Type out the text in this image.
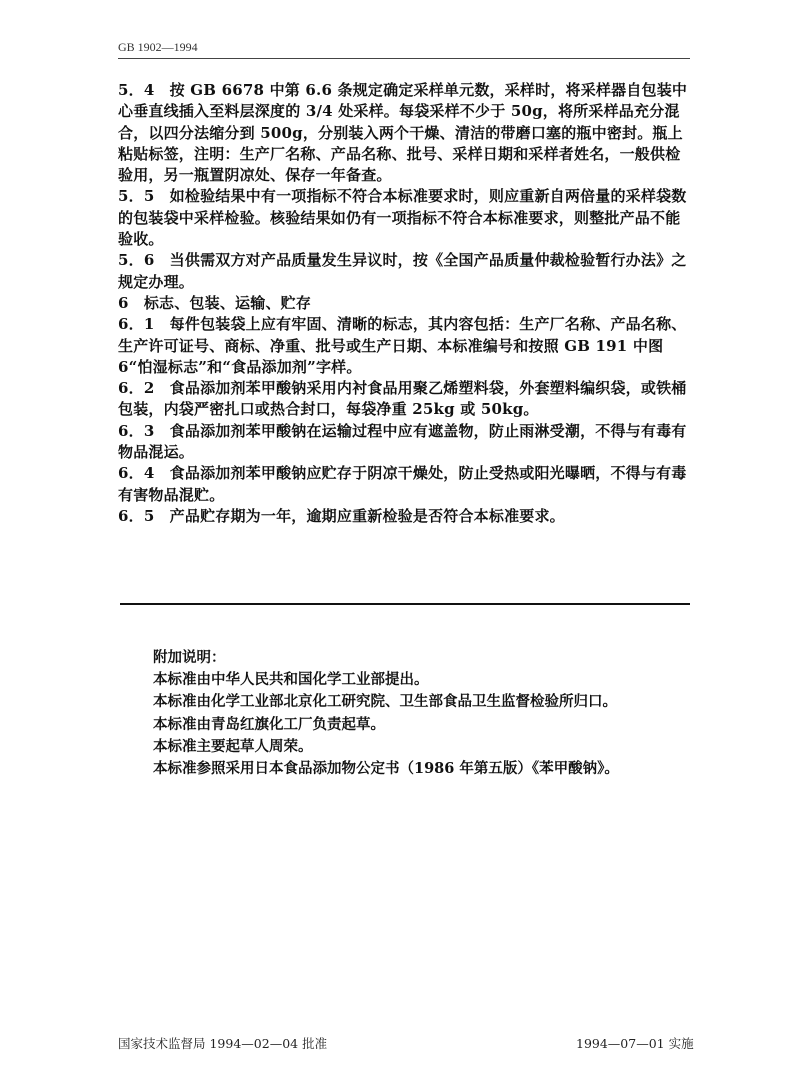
GB 1902—1994

5．4　按 GB 6678 中第 6.6 条规定确定采样单元数，采样时，将采样器自包装中心垂直线插入至料层深度的 3/4 处采样。每袋采样不少于 50g，将所采样品充分混合，以四分法缩分到 500g，分别装入两个干燥、清洁的带磨口塞的瓶中密封。瓶上粘贴标签，注明：生产厂名称、产品名称、批号、采样日期和采样者姓名，一般供检验用，另一瓶置阴凉处、保存一年备查。

5．5　如检验结果中有一项指标不符合本标准要求时，则应重新自两倍量的采样袋数的包装袋中采样检验。核验结果如仍有一项指标不符合本标准要求，则整批产品不能验收。

5．6　当供需双方对产品质量发生异议时，按《全国产品质量仲裁检验暂行办法》之规定办理。

6　标志、包装、运输、贮存

6．1　每件包装袋上应有牢固、清晰的标志，其内容包括：生产厂名称、产品名称、生产许可证号、商标、净重、批号或生产日期、本标准编号和按照 GB 191 中图 6“怕湿标志”和“食品添加剂”字样。

6．2　食品添加剂苯甲酸钠采用内衬食品用聚乙烯塑料袋，外套塑料编织袋，或铁桶包装，内袋严密扎口或热合封口，每袋净重 25kg 或 50kg。

6．3　食品添加剂苯甲酸钠在运输过程中应有遮盖物，防止雨淋受潮，不得与有毒有物品混运。

6．4　食品添加剂苯甲酸钠应贮存于阴凉干燥处，防止受热或阳光曝晒，不得与有毒有害物品混贮。

6．5　产品贮存期为一年，逾期应重新检验是否符合本标准要求。

附加说明：

本标准由中华人民共和国化学工业部提出。

本标准由化学工业部北京化工研究院、卫生部食品卫生监督检验所归口。

本标准由青岛红旗化工厂负责起草。

本标准主要起草人周荣。

本标准参照采用日本食品添加物公定书（1986 年第五版）《苯甲酸钠》。

国家技术监督局 1994—02—04 批准	1994—07—01 实施
